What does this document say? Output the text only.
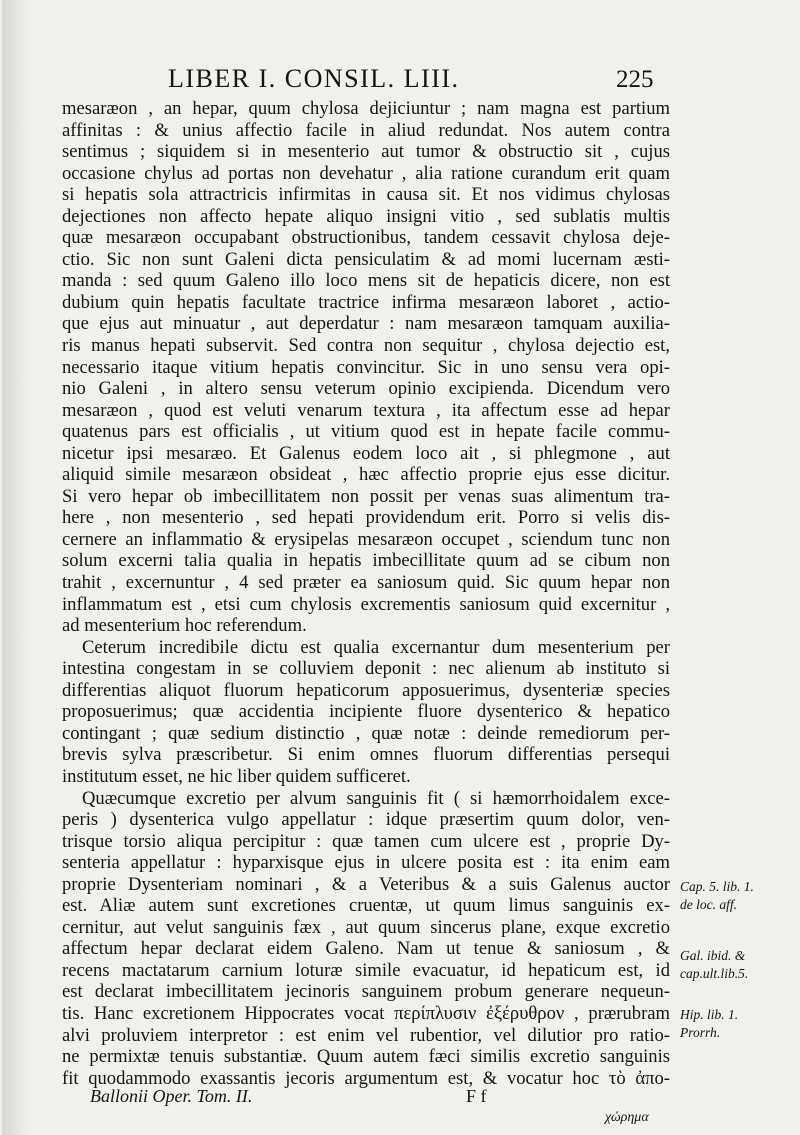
LIBER I. CONSIL. LIII.	225
mesaræon , an hepar, quum chylosa dejiciuntur ; nam magna est partium
affinitas : & unius affectio facile in aliud redundat. Nos autem contra
sentimus ; siquidem si in mesenterio aut tumor & obstructio sit , cujus
occasione chylus ad portas non devehatur , alia ratione curandum erit quam
si hepatis sola attractricis infirmitas in causa sit. Et nos vidimus chylosas
dejectiones non affecto hepate aliquo insigni vitio , sed sublatis multis
quæ mesaræon occupabant obstructionibus, tandem cessavit chylosa deje-
ctio. Sic non sunt Galeni dicta pensiculatim & ad momi lucernam æsti-
manda : sed quum Galeno illo loco mens sit de hepaticis dicere, non est
dubium quin hepatis facultate tractrice infirma mesaræon laboret , actio-
que ejus aut minuatur , aut deperdatur : nam mesaræon tamquam auxilia-
ris manus hepati subservit. Sed contra non sequitur , chylosa dejectio est,
necessario itaque vitium hepatis convincitur. Sic in uno sensu vera opi-
nio Galeni , in altero sensu veterum opinio excipienda. Dicendum vero
mesaræon , quod est veluti venarum textura , ita affectum esse ad hepar
quatenus pars est officialis , ut vitium quod est in hepate facile commu-
nicetur ipsi mesaræo. Et Galenus eodem loco ait , si phlegmone , aut
aliquid simile mesaræon obsideat , hæc affectio proprie ejus esse dicitur.
Si vero hepar ob imbecillitatem non possit per venas suas alimentum tra-
here , non mesenterio , sed hepati providendum erit. Porro si velis dis-
cernere an inflammatio & erysipelas mesaræon occupet , sciendum tunc non
solum excerni talia qualia in hepatis imbecillitate quum ad se cibum non
trahit , excernuntur , 4 sed præter ea saniosum quid. Sic quum hepar non
inflammatum est , etsi cum chylosis excrementis saniosum quid excernitur ,
ad mesenterium hoc referendum.
Ceterum incredibile dictu est qualia excernantur dum mesenterium per
intestina congestam in se colluviem deponit : nec alienum ab instituto si
differentias aliquot fluorum hepaticorum apposuerimus, dysenteriæ species
proposuerimus; quæ accidentia incipiente fluore dysenterico & hepatico
contingant ; quæ sedium distinctio , quæ notæ : deinde remediorum per-
brevis sylva præscribetur. Si enim omnes fluorum differentias persequi
institutum esset, ne hic liber quidem sufficeret.
Quæcumque excretio per alvum sanguinis fit ( si hæmorrhoidalem exce-
peris ) dysenterica vulgo appellatur : idque præsertim quum dolor, ven-
trisque torsio aliqua percipitur : quæ tamen cum ulcere est , proprie Dy-
senteria appellatur : hyparxisque ejus in ulcere posita est : ita enim eam
proprie Dysenteriam nominari , & a Veteribus & a suis Galenus auctor
est. Aliæ autem sunt excretiones cruentæ, ut quum limus sanguinis ex-
cernitur, aut velut sanguinis fæx , aut quum sincerus plane, exque excretio
affectum hepar declarat eidem Galeno. Nam ut tenue & saniosum , &
recens mactatarum carnium loturæ simile evacuatur, id hepaticum est, id
est declarat imbecillitatem jecinoris sanguinem probum generare nequeun-
tis. Hanc excretionem Hippocrates vocat περίπλυσιν ἐξέρυθρον , prærubram
alvi proluviem interpretor : est enim vel rubentior, vel dilutior pro ratio-
ne permixtæ tenuis substantiæ. Quum autem fæci similis excretio sanguinis
fit quodammodo exassantis jecoris argumentum est, & vocatur hoc τὸ ἀπο-
Cap. 5. lib. 1.
de loc. aff.
Gal. ibid. &
cap.ult.lib.5.
Hip. lib. 1.
Prorrh.
Ballonii Oper. Tom. II.	F f
χώρημα
